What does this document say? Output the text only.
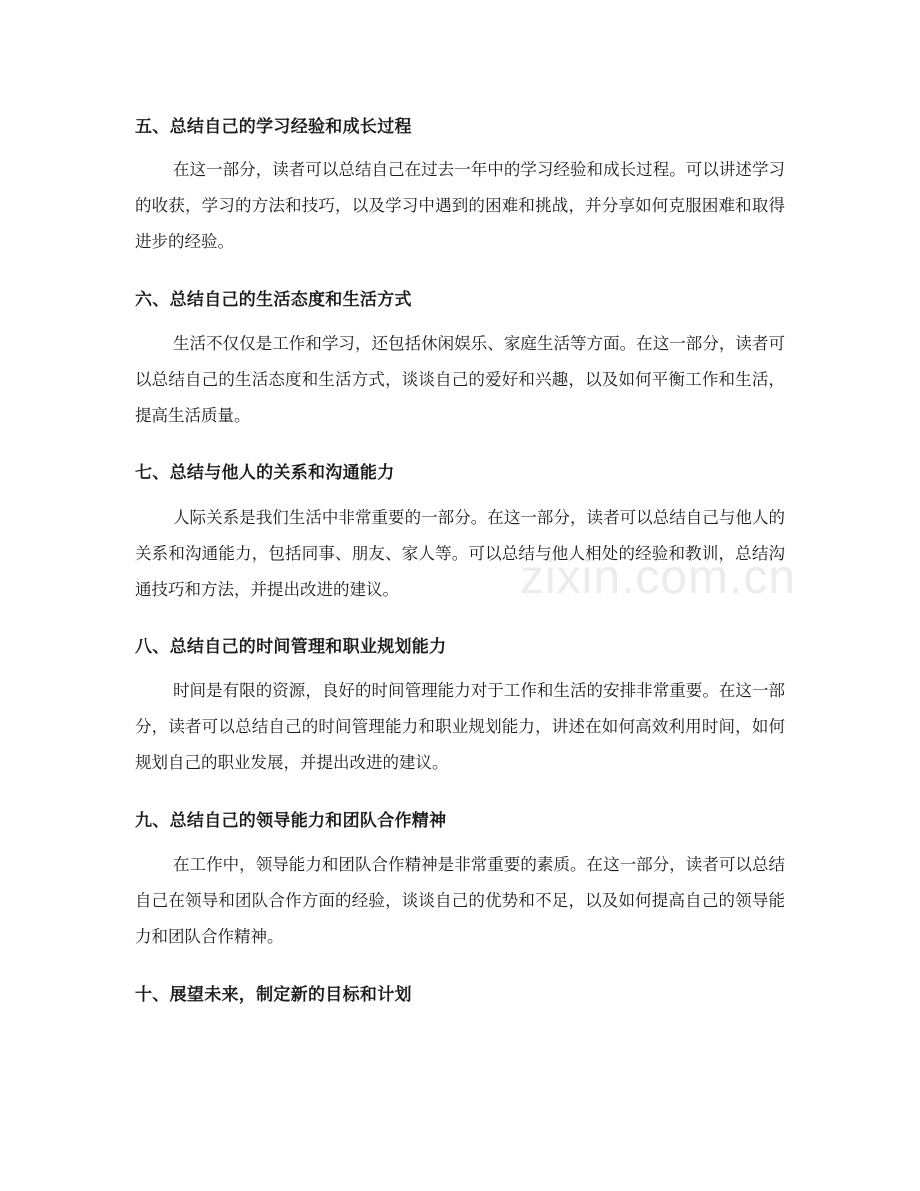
五、总结自己的学习经验和成长过程

在这一部分，读者可以总结自己在过去一年中的学习经验和成长过程。可以讲述学习的收获，学习的方法和技巧，以及学习中遇到的困难和挑战，并分享如何克服困难和取得进步的经验。

六、总结自己的生活态度和生活方式

生活不仅仅是工作和学习，还包括休闲娱乐、家庭生活等方面。在这一部分，读者可以总结自己的生活态度和生活方式，谈谈自己的爱好和兴趣，以及如何平衡工作和生活，提高生活质量。

七、总结与他人的关系和沟通能力

人际关系是我们生活中非常重要的一部分。在这一部分，读者可以总结自己与他人的关系和沟通能力，包括同事、朋友、家人等。可以总结与他人相处的经验和教训，总结沟通技巧和方法，并提出改进的建议。

八、总结自己的时间管理和职业规划能力

时间是有限的资源，良好的时间管理能力对于工作和生活的安排非常重要。在这一部分，读者可以总结自己的时间管理能力和职业规划能力，讲述在如何高效利用时间，如何规划自己的职业发展，并提出改进的建议。

九、总结自己的领导能力和团队合作精神

在工作中，领导能力和团队合作精神是非常重要的素质。在这一部分，读者可以总结自己在领导和团队合作方面的经验，谈谈自己的优势和不足，以及如何提高自己的领导能力和团队合作精神。

十、展望未来，制定新的目标和计划
zixin.com.cn
